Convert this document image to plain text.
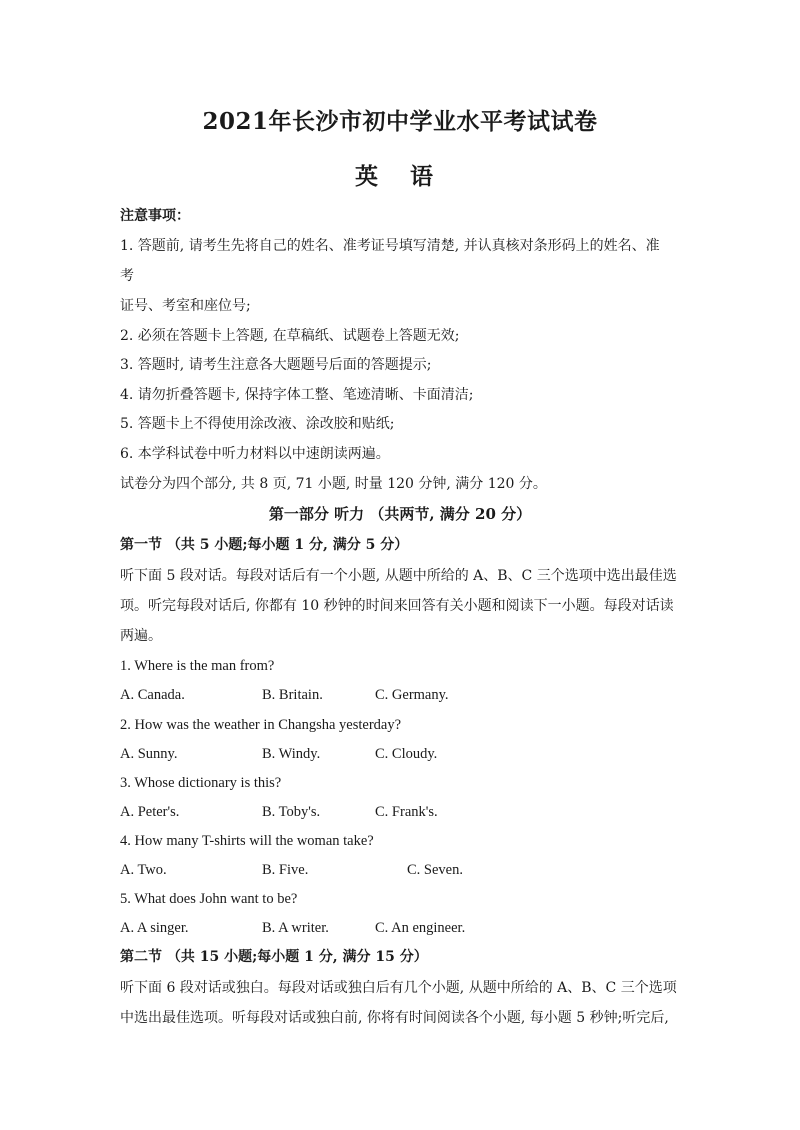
2021年长沙市初中学业水平考试试卷
英 语
注意事项：
1. 答题前, 请考生先将自己的姓名、准考证号填写清楚, 并认真核对条形码上的姓名、准
考
证号、考室和座位号;
2. 必须在答题卡上答题, 在草稿纸、试题卷上答题无效;
3. 答题时, 请考生注意各大题题号后面的答题提示;
4. 请勿折叠答题卡, 保持字体工整、笔迹清晰、卡面清洁;
5. 答题卡上不得使用涂改液、涂改胶和贴纸;
6. 本学科试卷中听力材料以中速朗读两遍。
试卷分为四个部分, 共 8 页, 71 小题, 时量 120 分钟, 满分 120 分。
第一部分 听力 （共两节, 满分 20 分）
第一节 （共 5 小题;每小题 1 分, 满分 5 分）
听下面 5 段对话。每段对话后有一个小题, 从题中所给的 A、B、C 三个选项中选出最佳选
项。听完每段对话后, 你都有 10 秒钟的时间来回答有关小题和阅读下一小题。每段对话读
两遍。
1. Where is the man from?
A. Canada.	B. Britain.	C. Germany.
2. How was the weather in Changsha yesterday?
A. Sunny.	B. Windy.	C. Cloudy.
3. Whose dictionary is this?
A. Peter's.	B. Toby's.	C. Frank's.
4. How many T-shirts will the woman take?
A. Two.	B. Five.	C. Seven.
5. What does John want to be?
A. A singer.	B. A writer.	C. An engineer.
第二节 （共 15 小题;每小题 1 分, 满分 15 分）
听下面 6 段对话或独白。每段对话或独白后有几个小题, 从题中所给的 A、B、C 三个选项
中选出最佳选项。听每段对话或独白前, 你将有时间阅读各个小题, 每小题 5 秒钟;听完后,
